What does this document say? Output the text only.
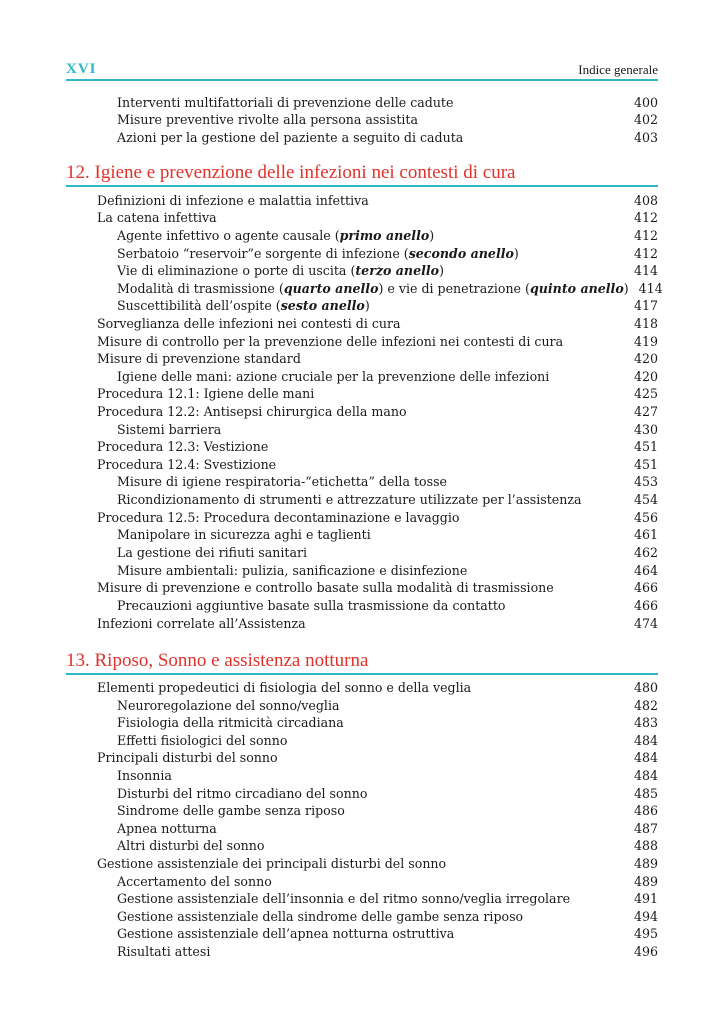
XVI	Indice generale
Interventi multifattoriali di prevenzione delle cadute	400
Misure preventive rivolte alla persona assistita	402
Azioni per la gestione del paziente a seguito di caduta	403
12. Igiene e prevenzione delle infezioni nei contesti di cura
Definizioni di infezione e malattia infettiva	408
La catena infettiva	412
Agente infettivo o agente causale (primo anello)	412
Serbatoio “reservoir”e sorgente di infezione (secondo anello)	412
Vie di eliminazione o porte di uscita (terzo anello)	414
Modalità di trasmissione (quarto anello) e vie di penetrazione (quinto anello) 414
Suscettibilità dell’ospite (sesto anello)	417
Sorveglianza delle infezioni nei contesti di cura	418
Misure di controllo per la prevenzione delle infezioni nei contesti di cura	419
Misure di prevenzione standard	420
Igiene delle mani: azione cruciale per la prevenzione delle infezioni	420
Procedura 12.1: Igiene delle mani	425
Procedura 12.2: Antisepsi chirurgica della mano	427
Sistemi barriera	430
Procedura 12.3: Vestizione	451
Procedura 12.4: Svestizione	451
Misure di igiene respiratoria-“etichetta” della tosse	453
Ricondizionamento di strumenti e attrezzature utilizzate per l’assistenza	454
Procedura 12.5: Procedura decontaminazione e lavaggio	456
Manipolare in sicurezza aghi e taglienti	461
La gestione dei rifiuti sanitari	462
Misure ambientali: pulizia, sanificazione e disinfezione	464
Misure di prevenzione e controllo basate sulla modalità di trasmissione	466
Precauzioni aggiuntive basate sulla trasmissione da contatto	466
Infezioni correlate all’Assistenza	474
13. Riposo, Sonno e assistenza notturna
Elementi propedeutici di fisiologia del sonno e della veglia	480
Neuroregolazione del sonno/veglia	482
Fisiologia della ritmicità circadiana	483
Effetti fisiologici del sonno	484
Principali disturbi del sonno	484
Insonnia	484
Disturbi del ritmo circadiano del sonno	485
Sindrome delle gambe senza riposo	486
Apnea notturna	487
Altri disturbi del sonno	488
Gestione assistenziale dei principali disturbi del sonno	489
Accertamento del sonno	489
Gestione assistenziale dell’insonnia e del ritmo sonno/veglia irregolare	491
Gestione assistenziale della sindrome delle gambe senza riposo	494
Gestione assistenziale dell’apnea notturna ostruttiva	495
Risultati attesi	496
